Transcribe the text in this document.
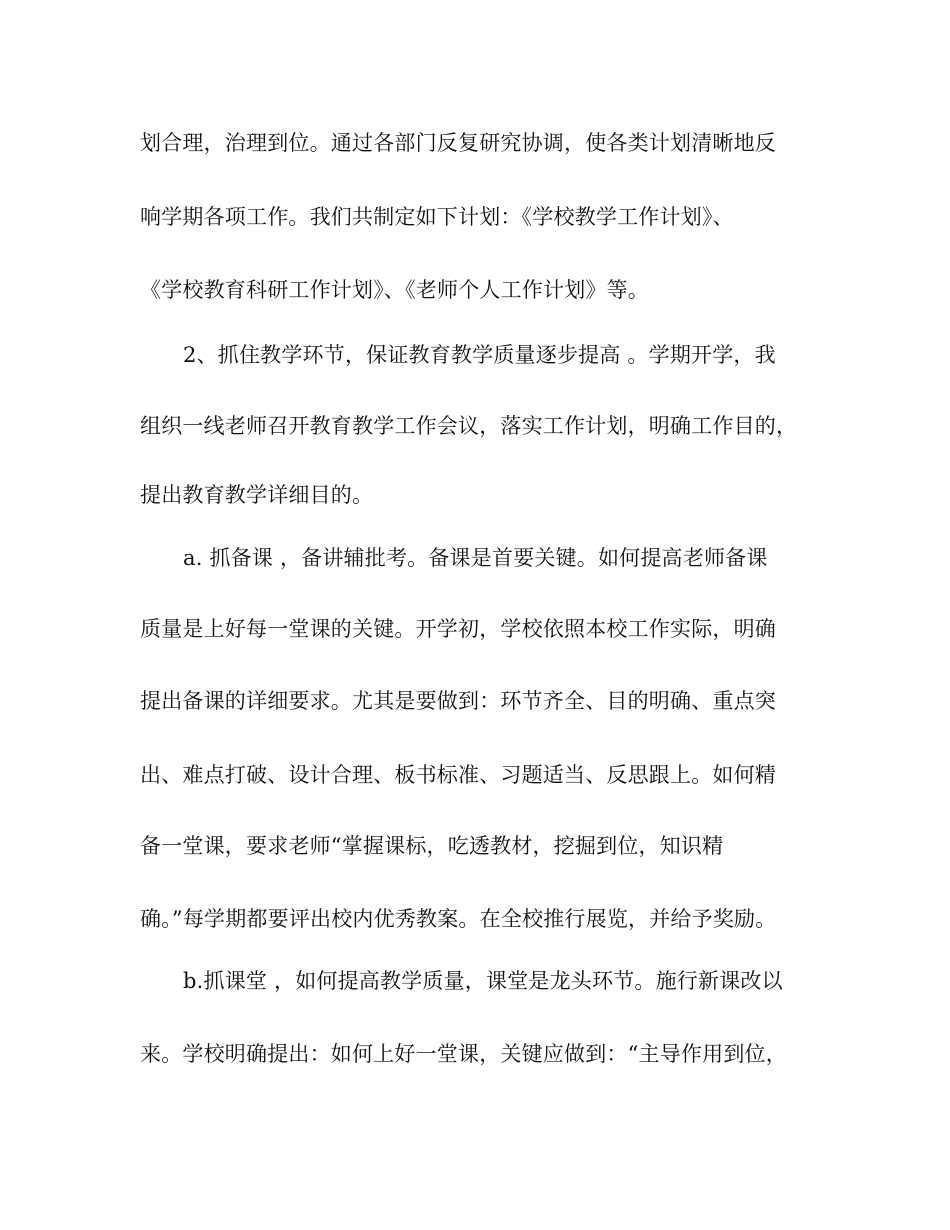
划合理，治理到位。通过各部门反复研究协调，使各类计划清晰地反
响学期各项工作。我们共制定如下计划：《学校教学工作计划》、
《学校教育科研工作计划》、《老师个人工作计划》等。
2、抓住教学环节，保证教育教学质量逐步提高 。学期开学，我
组织一线老师召开教育教学工作会议，落实工作计划，明确工作目的，
提出教育教学详细目的。
a. 抓备课 ，备讲辅批考。备课是首要关键。如何提高老师备课
质量是上好每一堂课的关键。开学初，学校依照本校工作实际，明确
提出备课的详细要求。尤其是要做到：环节齐全、目的明确、重点突
出、难点打破、设计合理、板书标准、习题适当、反思跟上。如何精
备一堂课，要求老师“掌握课标，吃透教材，挖掘到位，知识精
确。”每学期都要评出校内优秀教案。在全校推行展览，并给予奖励。
b.抓课堂 ，如何提高教学质量，课堂是龙头环节。施行新课改以
来。学校明确提出：如何上好一堂课，关键应做到：“主导作用到位，
